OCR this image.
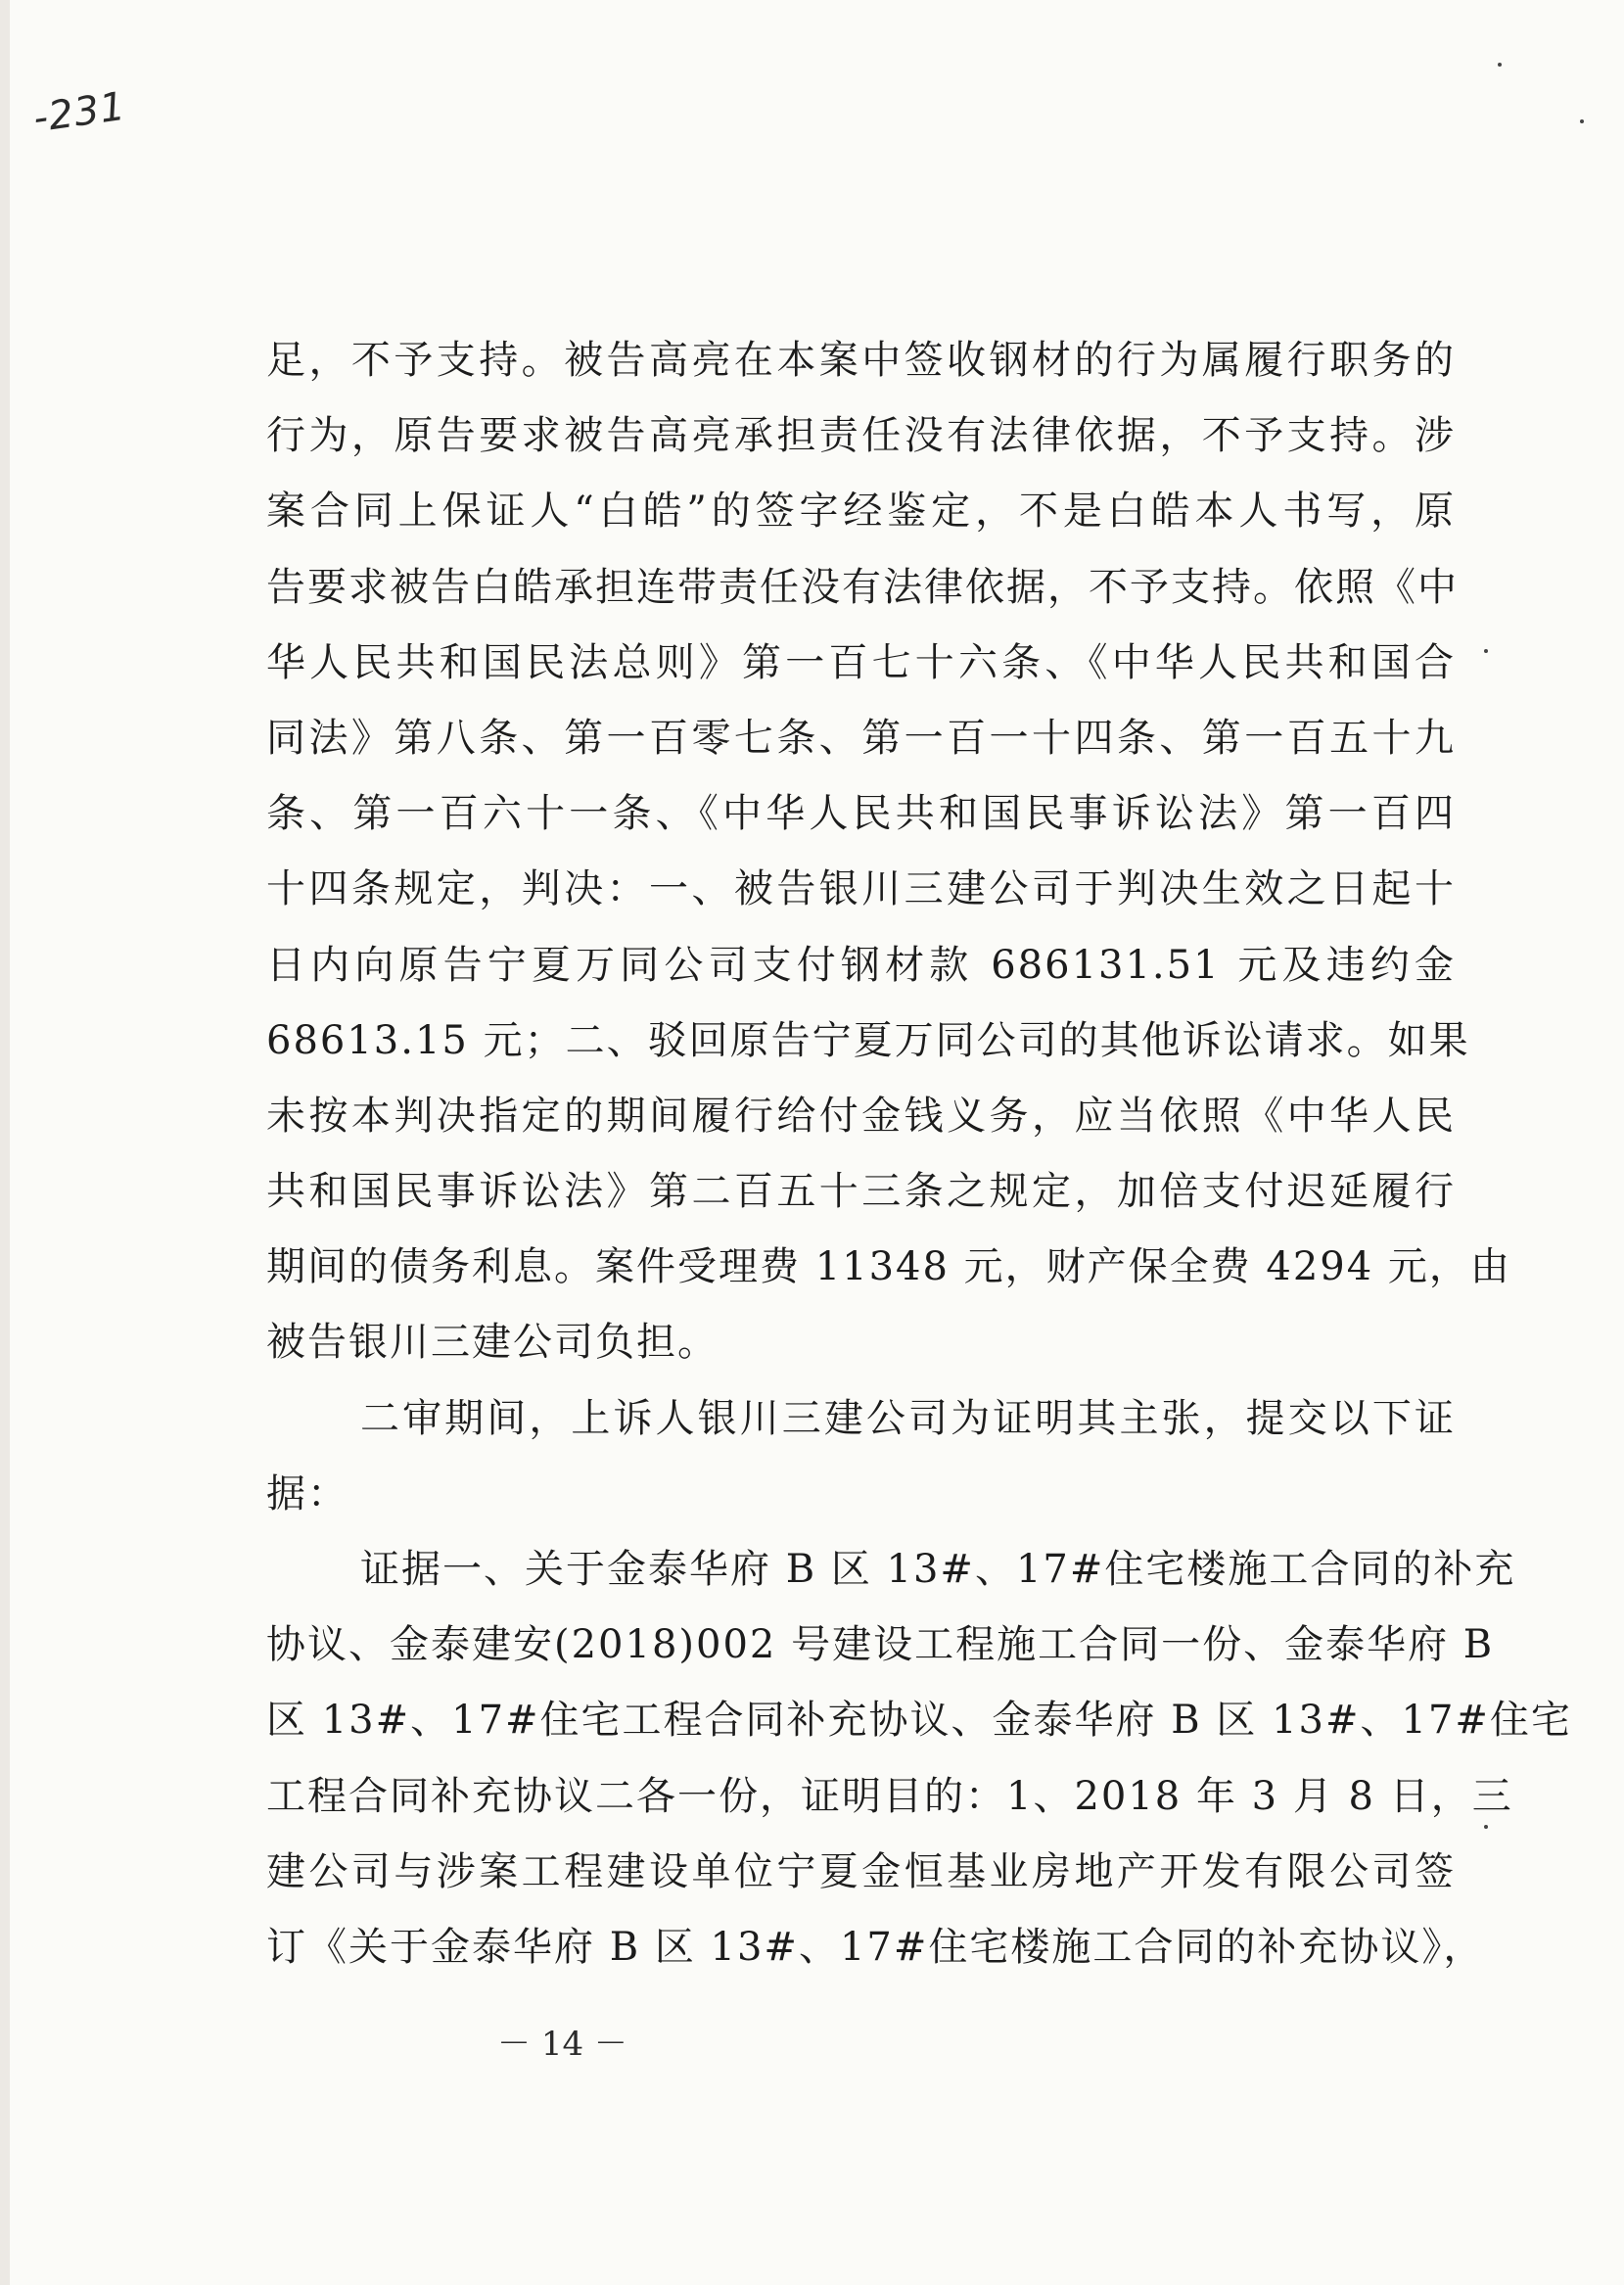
-231
足，不予支持。被告高亮在本案中签收钢材的行为属履行职务的
行为，原告要求被告高亮承担责任没有法律依据，不予支持。涉
案合同上保证人“白皓”的签字经鉴定，不是白皓本人书写，原
告要求被告白皓承担连带责任没有法律依据，不予支持。依照《中
华人民共和国民法总则》第一百七十六条、《中华人民共和国合
同法》第八条、第一百零七条、第一百一十四条、第一百五十九
条、第一百六十一条、《中华人民共和国民事诉讼法》第一百四
十四条规定，判决：一、被告银川三建公司于判决生效之日起十
日内向原告宁夏万同公司支付钢材款 686131.51 元及违约金
68613.15 元；二、驳回原告宁夏万同公司的其他诉讼请求。如果
未按本判决指定的期间履行给付金钱义务，应当依照《中华人民
共和国民事诉讼法》第二百五十三条之规定，加倍支付迟延履行
期间的债务利息。案件受理费 11348 元，财产保全费 4294 元，由
被告银川三建公司负担。
二审期间，上诉人银川三建公司为证明其主张，提交以下证
据：
证据一、关于金泰华府 B 区 13#、17#住宅楼施工合同的补充
协议、金泰建安(2018)002 号建设工程施工合同一份、金泰华府 B
区 13#、17#住宅工程合同补充协议、金泰华府 B 区 13#、17#住宅
工程合同补充协议二各一份，证明目的：1、2018 年 3 月 8 日，三
建公司与涉案工程建设单位宁夏金恒基业房地产开发有限公司签
订《关于金泰华府 B 区 13#、17#住宅楼施工合同的补充协议》，
－ 14 －
